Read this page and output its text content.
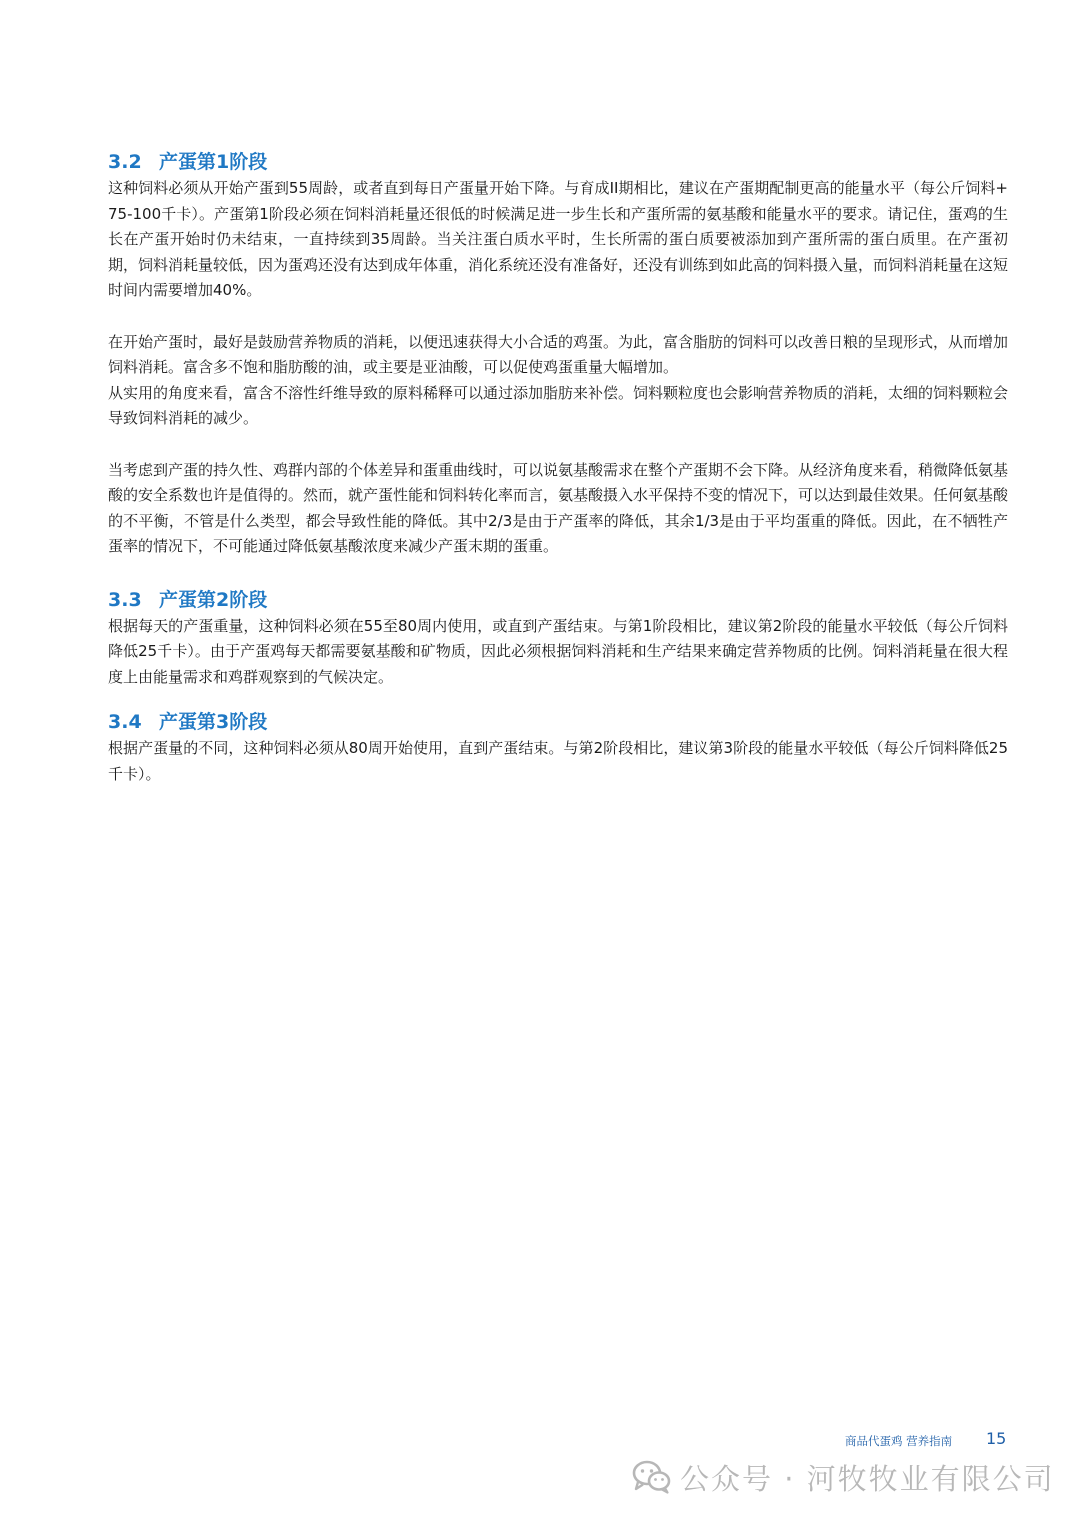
3.2 产蛋第1阶段

这种饲料必须从开始产蛋到55周龄，或者直到每日产蛋量开始下降。与育成II期相比，建议在产蛋期配制更高的能量水平（每公斤饲料+75-100千卡）。产蛋第1阶段必须在饲料消耗量还很低的时候满足进一步生长和产蛋所需的氨基酸和能量水平的要求。请记住，蛋鸡的生长在产蛋开始时仍未结束，一直持续到35周龄。当关注蛋白质水平时，生长所需的蛋白质要被添加到产蛋所需的蛋白质里。在产蛋初期，饲料消耗量较低，因为蛋鸡还没有达到成年体重，消化系统还没有准备好，还没有训练到如此高的饲料摄入量，而饲料消耗量在这短时间内需要增加40%。

在开始产蛋时，最好是鼓励营养物质的消耗，以便迅速获得大小合适的鸡蛋。为此，富含脂肪的饲料可以改善日粮的呈现形式，从而增加饲料消耗。富含多不饱和脂肪酸的油，或主要是亚油酸，可以促使鸡蛋重量大幅增加。

从实用的角度来看，富含不溶性纤维导致的原料稀释可以通过添加脂肪来补偿。饲料颗粒度也会影响营养物质的消耗，太细的饲料颗粒会导致饲料消耗的减少。

当考虑到产蛋的持久性、鸡群内部的个体差异和蛋重曲线时，可以说氨基酸需求在整个产蛋期不会下降。从经济角度来看，稍微降低氨基酸的安全系数也许是值得的。然而，就产蛋性能和饲料转化率而言，氨基酸摄入水平保持不变的情况下，可以达到最佳效果。任何氨基酸的不平衡，不管是什么类型，都会导致性能的降低。其中2/3是由于产蛋率的降低，其余1/3是由于平均蛋重的降低。因此，在不牺牲产蛋率的情况下，不可能通过降低氨基酸浓度来减少产蛋末期的蛋重。

3.3 产蛋第2阶段

根据每天的产蛋重量，这种饲料必须在55至80周内使用，或直到产蛋结束。与第1阶段相比，建议第2阶段的能量水平较低（每公斤饲料降低25千卡）。由于产蛋鸡每天都需要氨基酸和矿物质，因此必须根据饲料消耗和生产结果来确定营养物质的比例。饲料消耗量在很大程度上由能量需求和鸡群观察到的气候决定。

3.4 产蛋第3阶段

根据产蛋量的不同，这种饲料必须从80周开始使用，直到产蛋结束。与第2阶段相比，建议第3阶段的能量水平较低（每公斤饲料降低25千卡）。

商品代蛋鸡 营养指南 15
公众号 · 河牧牧业有限公司
